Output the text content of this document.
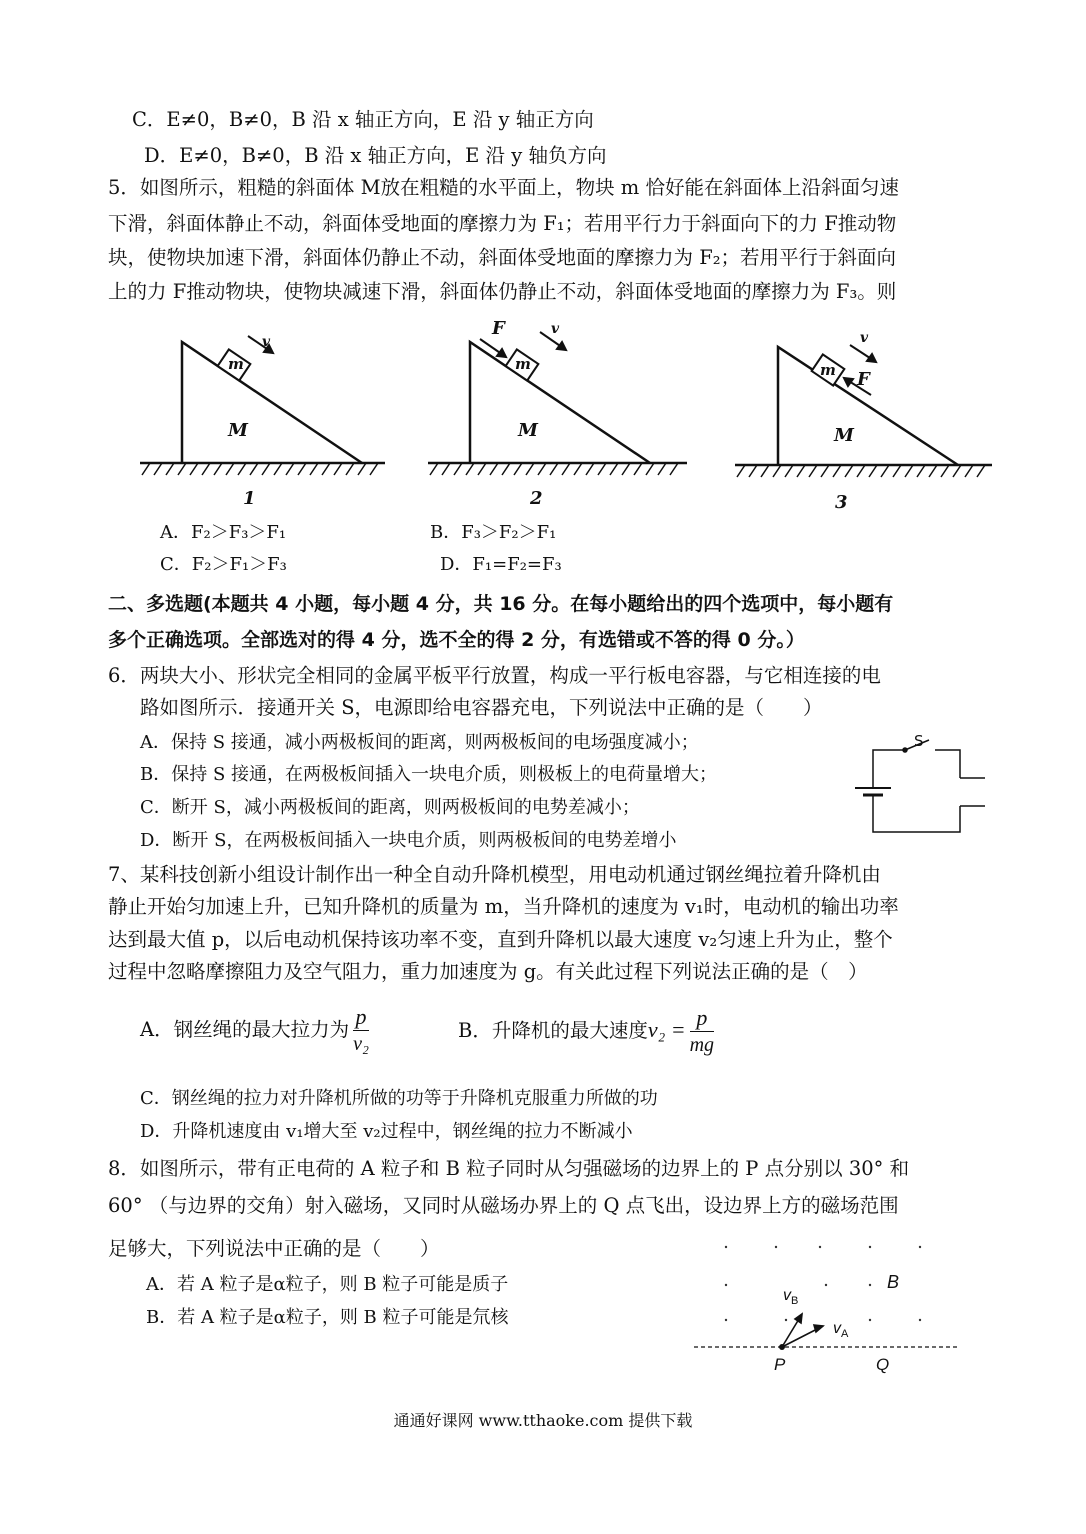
C．E≠0，B≠0，B 沿 x 轴正方向，E 沿 y 轴正方向
D．E≠0，B≠0，B 沿 x 轴正方向，E 沿 y 轴负方向
5．如图所示，粗糙的斜面体 M放在粗糙的水平面上，物块 m 恰好能在斜面体上沿斜面匀速
下滑，斜面体静止不动，斜面体受地面的摩擦力为 F₁；若用平行力于斜面向下的力 F推动物
块，使物块加速下滑，斜面体仍静止不动，斜面体受地面的摩擦力为 F₂；若用平行于斜面向
上的力 F推动物块，使物块减速下滑，斜面体仍静止不动，斜面体受地面的摩擦力为 F₃。则
v
m
M
1
F	v
m
M
2
v
m F
M
3
A．F₂＞F₃＞F₁	B．F₃＞F₂＞F₁
C．F₂＞F₁＞F₃	D．F₁=F₂=F₃
二、多选题(本题共 4 小题，每小题 4 分，共 16 分。在每小题给出的四个选项中，每小题有
多个正确选项。全部选对的得 4 分，选不全的得 2 分，有选错或不答的得 0 分。）
6．两块大小、形状完全相同的金属平板平行放置，构成一平行板电容器，与它相连接的电
路如图所示．接通开关 S，电源即给电容器充电，下列说法中正确的是（　　）
A．保持 S 接通，减小两极板间的距离，则两极板间的电场强度减小；
B．保持 S 接通，在两极板间插入一块电介质，则极板上的电荷量增大；
C．断开 S，减小两极板间的距离，则两极板间的电势差减小；
D．断开 S，在两极板间插入一块电介质，则两极板间的电势差增小
S
7、某科技创新小组设计制作出一种全自动升降机模型，用电动机通过钢丝绳拉着升降机由
静止开始匀加速上升，已知升降机的质量为 m，当升降机的速度为 v₁时，电动机的输出功率
达到最大值 p，以后电动机保持该功率不变，直到升降机以最大速度 v₂匀速上升为止，整个
过程中忽略摩擦阻力及空气阻力，重力加速度为 g。有关此过程下列说法正确的是（　）
A．钢丝绳的最大拉力为 $\frac{p}{\text{v₂}}$	B．升降机的最大速度$v_2 = \frac{p}{mg}$
C．钢丝绳的拉力对升降机所做的功等于升降机克服重力所做的功
D．升降机速度由 v₁增大至 v₂过程中，钢丝绳的拉力不断减小
8．如图所示，带有正电荷的 A 粒子和 B 粒子同时从匀强磁场的边界上的 P 点分别以 30° 和
60° （与边界的交角）射入磁场，又同时从磁场办界上的 Q 点飞出，设边界上方的磁场范围
足够大，下列说法中正确的是（　　）
A．若 A 粒子是α粒子，则 B 粒子可能是质子
B．若 A 粒子是α粒子，则 B 粒子可能是氘核
B
$v_B$
$v_A$
P	Q
通通好课网 www.tthaoke.com 提供下载
